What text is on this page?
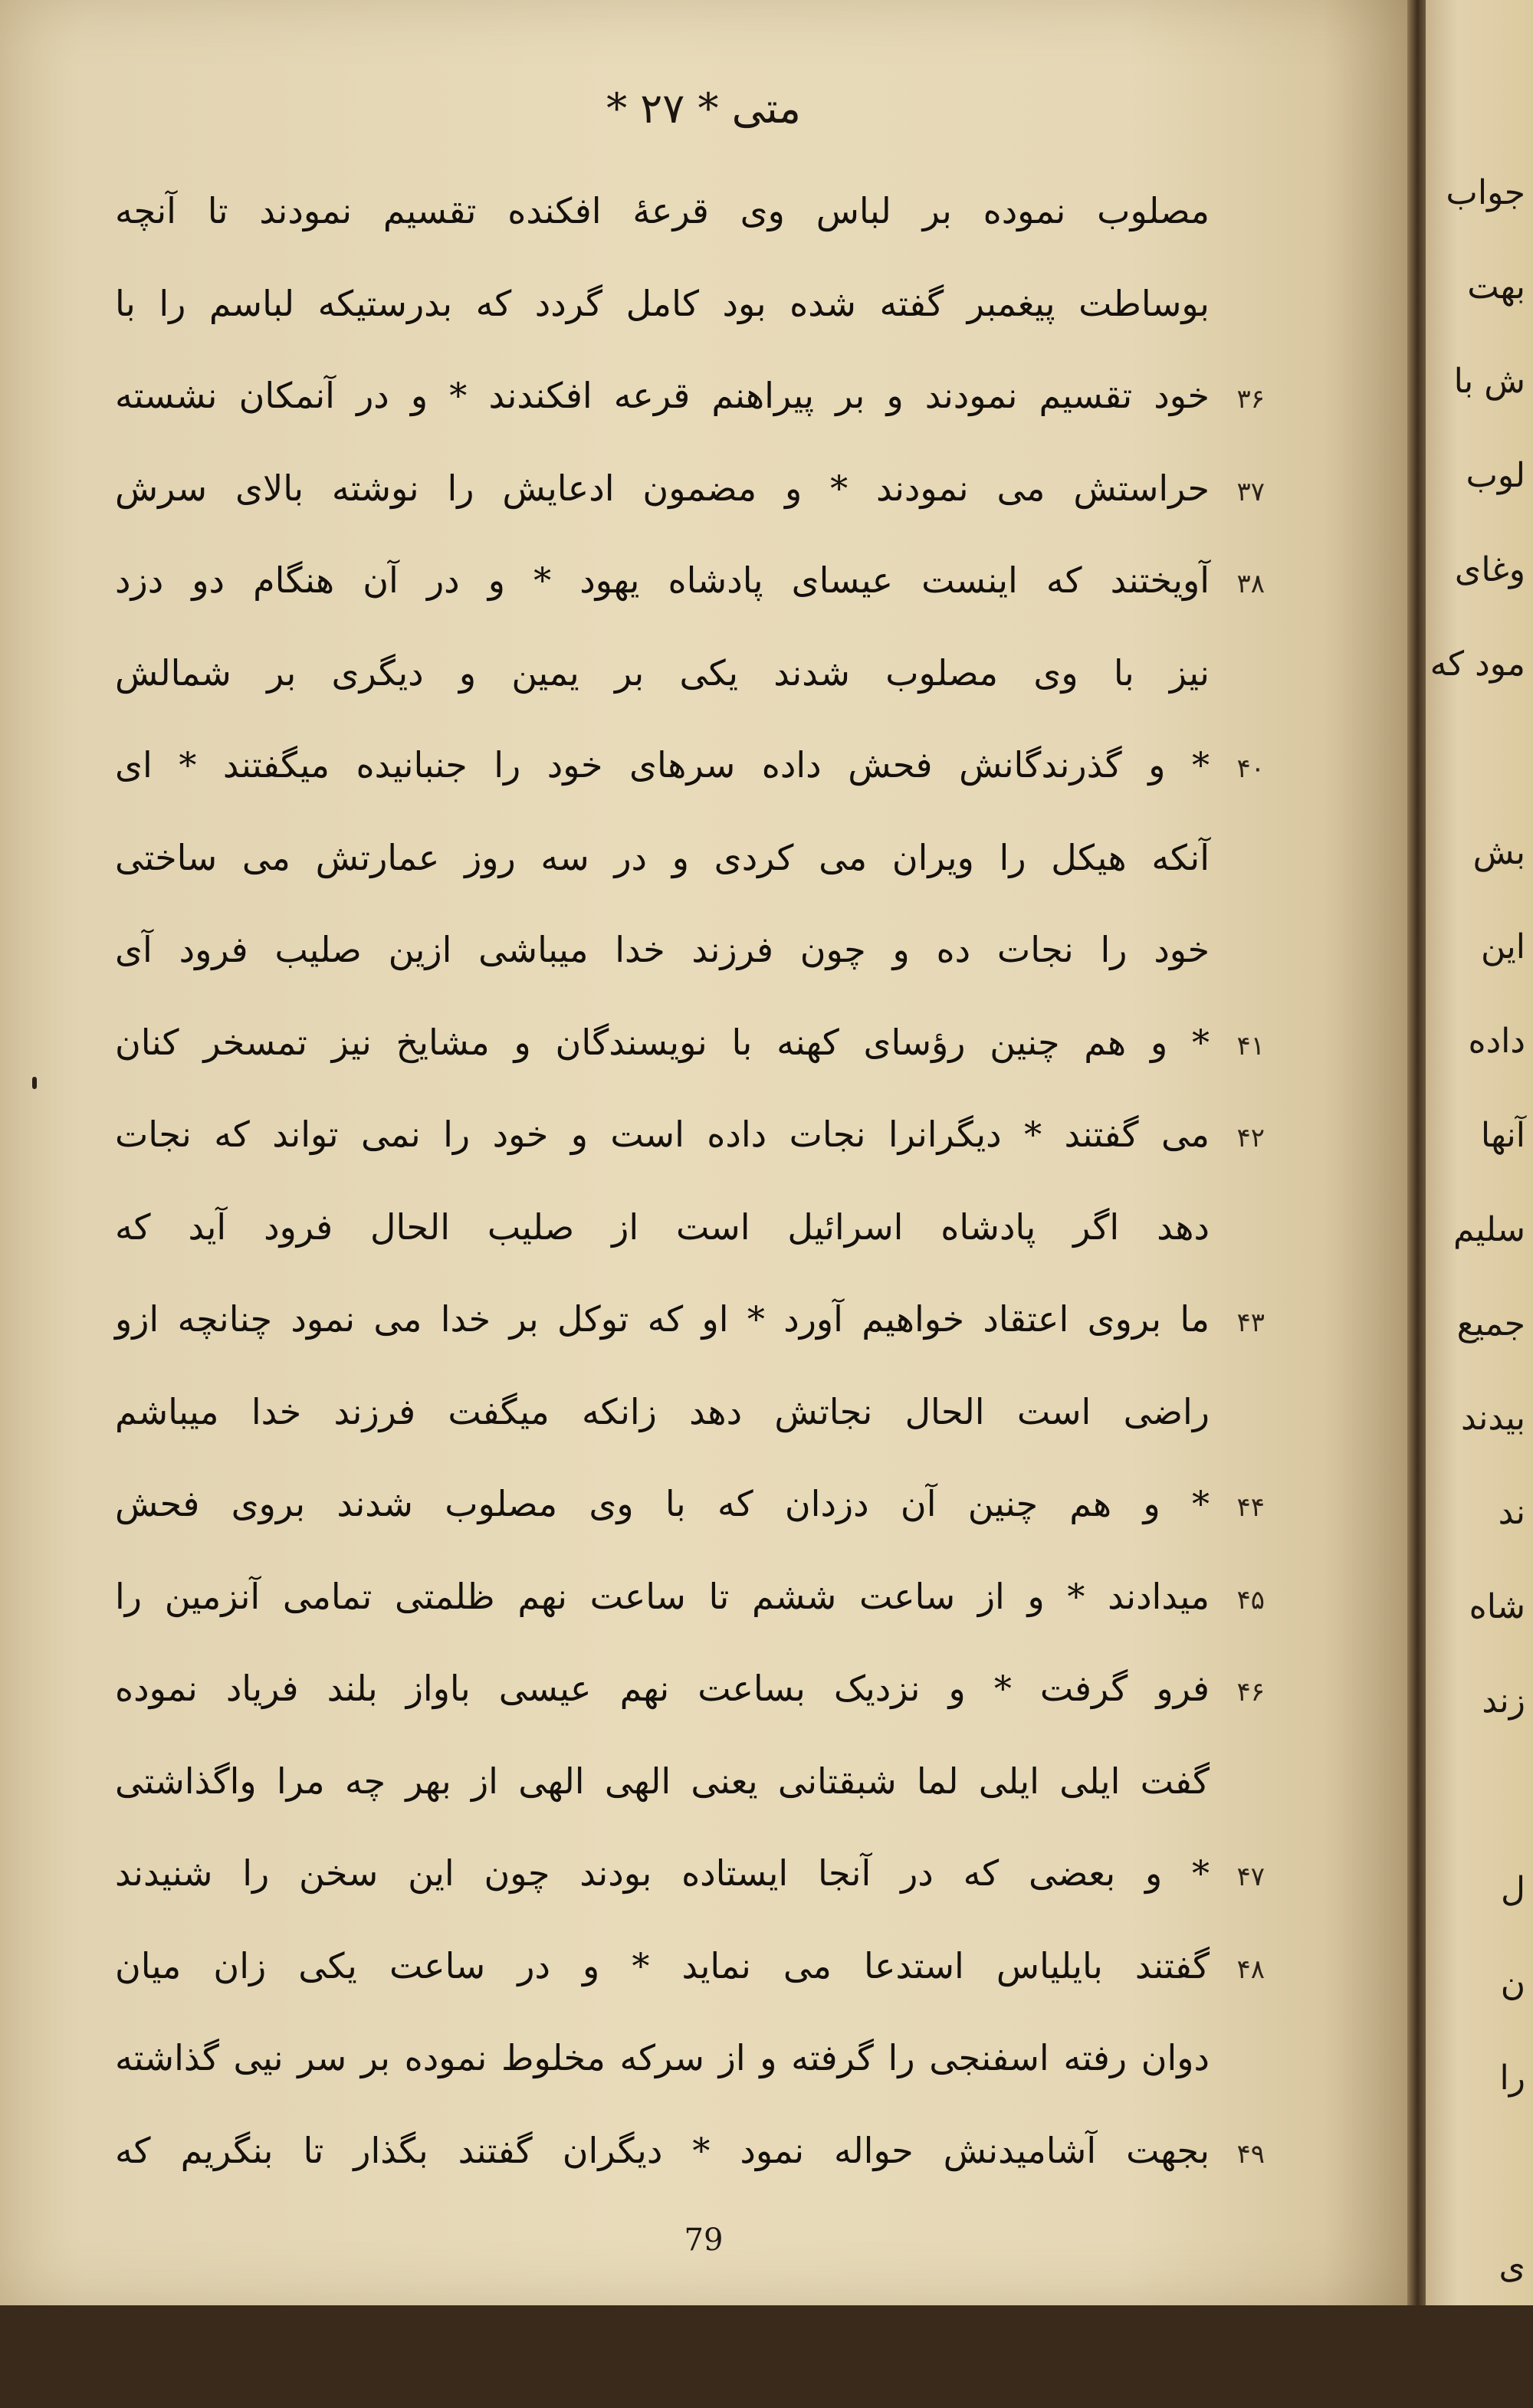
متی * ۲۷ *
مصلوب نموده بر لباس وی قرعهٔ افکنده تقسیم نمودند تا آنچه
بوساطت پیغمبر گفته شده بود کامل گردد که بدرستیکه لباسم را با
۳۶
خود تقسیم نمودند و بر پیراهنم قرعه افکندند * و در آنمکان نشسته
۳۷
حراستش می نمودند * و مضمون ادعایش را نوشته بالای سرش
۳۸
آویختند که اینست عیسای پادشاه یهود * و در آن هنگام دو دزد
نیز با وی مصلوب شدند یکی بر یمین و دیگری بر شمالش
۴۰
* و گذرندگانش فحش داده سرهای خود را جنبانیده میگفتند * ای
آنکه هیکل را ویران می کردی و در سه روز عمارتش می ساختی
خود را نجات ده و چون فرزند خدا میباشی ازین صلیب فرود آی
۴۱
* و هم چنین رؤسای کهنه با نویسندگان و مشایخ نیز تمسخر کنان
۴۲
می گفتند * دیگرانرا نجات داده است و خود را نمی تواند که نجات
دهد اگر پادشاه اسرائیل است از صلیب الحال فرود آید که
۴۳
ما بروی اعتقاد خواهیم آورد * او که توکل بر خدا می نمود چنانچه ازو
راضی است الحال نجاتش دهد زانکه میگفت فرزند خدا میباشم
۴۴
* و هم چنین آن دزدان که با وی مصلوب شدند بروی فحش
۴۵
میدادند * و از ساعت ششم تا ساعت نهم ظلمتی تمامی آنزمین را
۴۶
فرو گرفت * و نزدیک بساعت نهم عیسی باواز بلند فریاد نموده
گفت ایلی ایلی لما شبقتانی یعنی الهی الهی از بهر چه مرا واگذاشتی
۴۷
* و بعضی که در آنجا ایستاده بودند چون این سخن را شنیدند
۴۸
گفتند بایلیاس استدعا می نماید * و در ساعت یکی زان میان
دوان رفته اسفنجی را گرفته و از سرکه مخلوط نموده بر سر نیی گذاشته
۴۹
بجهت آشامیدنش حواله نمود * دیگران گفتند بگذار تا بنگریم که
79
جواب
بهت
ش با
لوب
وغای
مود که
بش
این
داده
آنها
سلیم
جمیع
بیدند
ند
شاه
زند
ل
ن
را
ی
